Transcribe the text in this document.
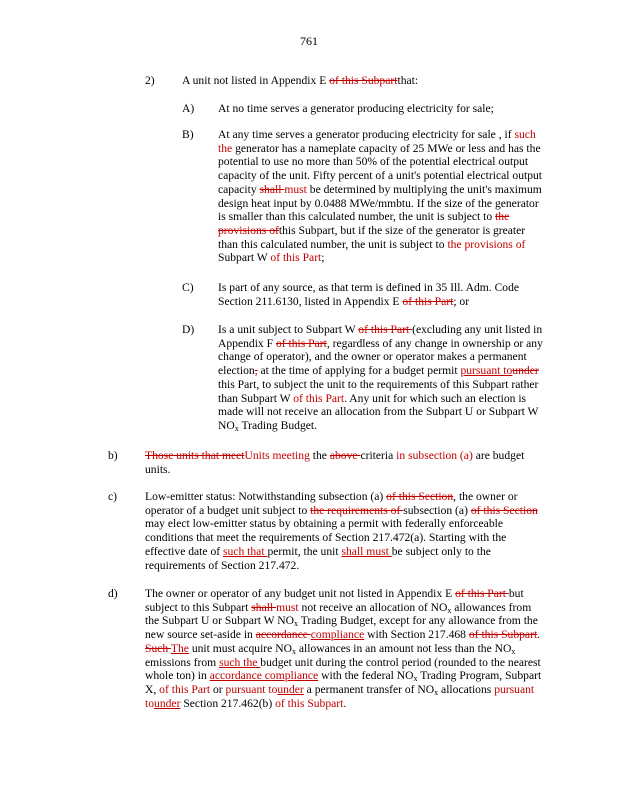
761
2) A unit not listed in Appendix E of this Subpartthat:
A) At no time serves a generator producing electricity for sale;
B) At any time serves a generator producing electricity for sale , if such the generator has a nameplate capacity of 25 MWe or less and has the potential to use no more than 50% of the potential electrical output capacity of the unit. Fifty percent of a unit's potential electrical output capacity shall must be determined by multiplying the unit's maximum design heat input by 0.0488 MWe/mmbtu. If the size of the generator is smaller than this calculated number, the unit is subject to the provisions ofthis Subpart, but if the size of the generator is greater than this calculated number, the unit is subject to the provisions of Subpart W of this Part;
C) Is part of any source, as that term is defined in 35 Ill. Adm. Code Section 211.6130, listed in Appendix E of this Part; or
D) Is a unit subject to Subpart W of this Part (excluding any unit listed in Appendix F of this Part, regardless of any change in ownership or any change of operator), and the owner or operator makes a permanent election, at the time of applying for a budget permit pursuant tounder this Part, to subject the unit to the requirements of this Subpart rather than Subpart W of this Part. Any unit for which such an election is made will not receive an allocation from the Subpart U or Subpart W $NO_x$ Trading Budget.
b) Those units that meetUnits meeting the above criteria in subsection (a) are budget units.
c) Low-emitter status: Notwithstanding subsection (a) of this Section, the owner or operator of a budget unit subject to the requirements of subsection (a) of this Section may elect low-emitter status by obtaining a permit with federally enforceable conditions that meet the requirements of Section 217.472(a). Starting with the effective date of such that permit, the unit shall must be subject only to the requirements of Section 217.472.
d) The owner or operator of any budget unit not listed in Appendix E of this Part but subject to this Subpart shall must not receive an allocation of $NO_x$ allowances from the Subpart U or Subpart W $NO_x$ Trading Budget, except for any allowance from the new source set-aside in accordance compliance with Section 217.468 of this Subpart. Such The unit must acquire $NO_x$ allowances in an amount not less than the $NO_x$ emissions from such the budget unit during the control period (rounded to the nearest whole ton) in accordance compliance with the federal $NO_x$ Trading Program, Subpart X, of this Part or pursuant tounder a permanent transfer of $NO_x$ allocations pursuant tounder Section 217.462(b) of this Subpart.
